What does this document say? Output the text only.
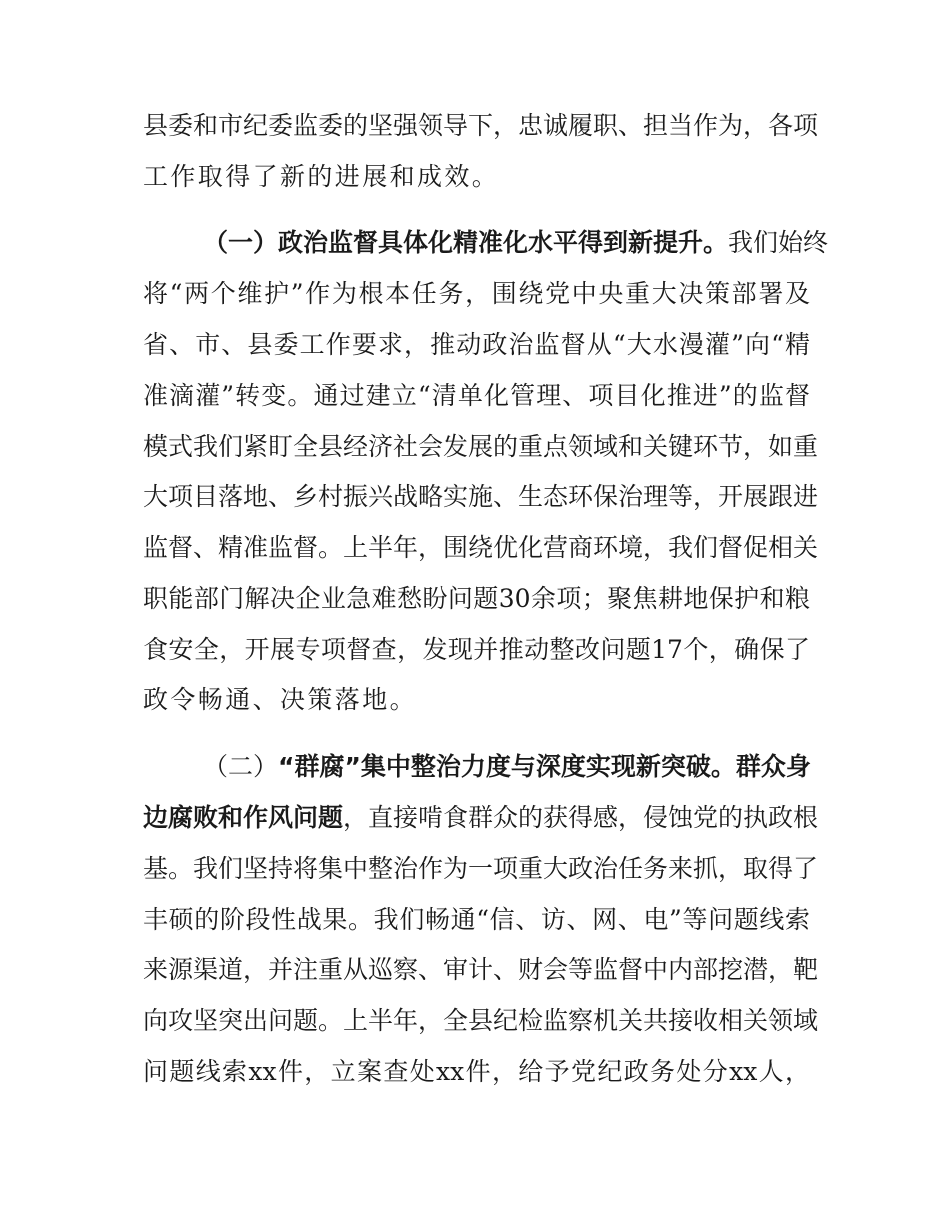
县委和市纪委监委的坚强领导下，忠诚履职、担当作为，各项
工作取得了新的进展和成效。
（一）政治监督具体化精准化水平得到新提升。我们始终
将“两个维护”作为根本任务，围绕党中央重大决策部署及
省、市、县委工作要求，推动政治监督从“大水漫灌”向“精
准滴灌”转变。通过建立“清单化管理、项目化推进”的监督
模式我们紧盯全县经济社会发展的重点领域和关键环节，如重
大项目落地、乡村振兴战略实施、生态环保治理等，开展跟进
监督、精准监督。上半年，围绕优化营商环境，我们督促相关
职能部门解决企业急难愁盼问题30余项；聚焦耕地保护和粮
食安全，开展专项督查，发现并推动整改问题17个，确保了
政令畅通、决策落地。
（二）“群腐”集中整治力度与深度实现新突破。群众身
边腐败和作风问题，直接啃食群众的获得感，侵蚀党的执政根
基。我们坚持将集中整治作为一项重大政治任务来抓，取得了
丰硕的阶段性战果。我们畅通“信、访、网、电”等问题线索
来源渠道，并注重从巡察、审计、财会等监督中内部挖潜，靶
向攻坚突出问题。上半年，全县纪检监察机关共接收相关领域
问题线索xx件，立案查处xx件，给予党纪政务处分xx人，
